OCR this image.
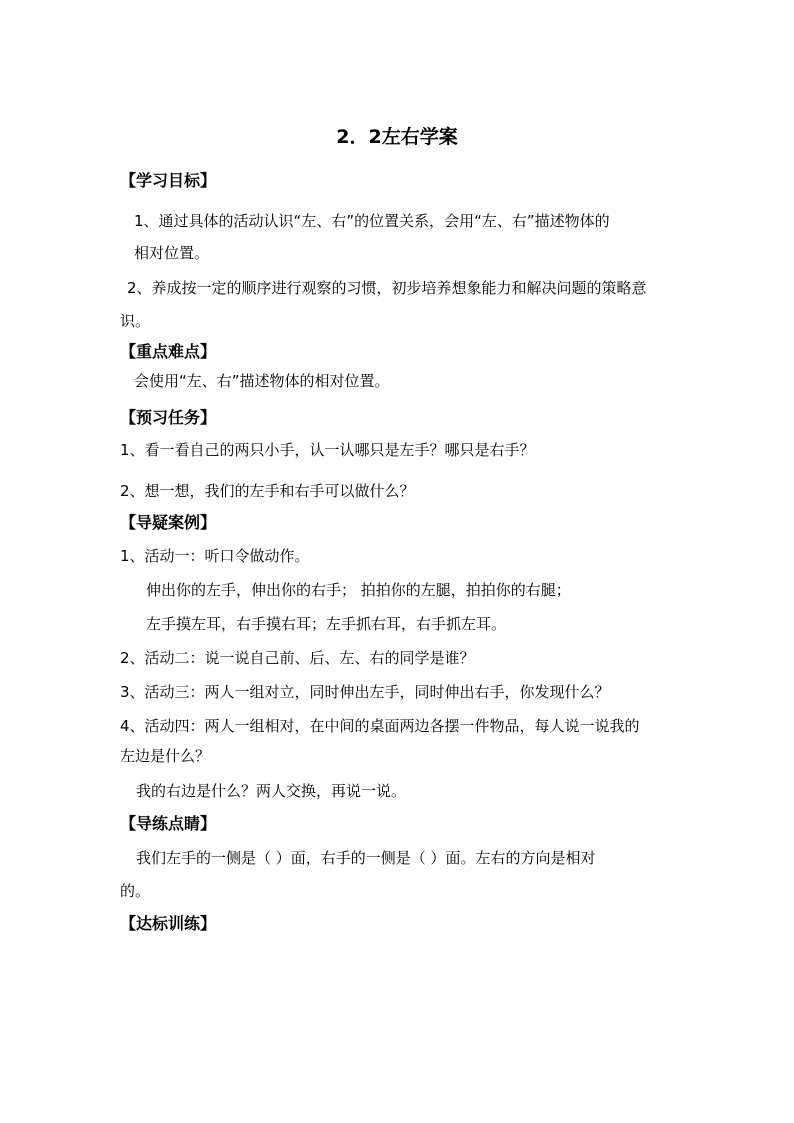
2．2左右学案
【学习目标】
1、通过具体的活动认识“左、右”的位置关系，会用“左、右”描述物体的
相对位置。
2、养成按一定的顺序进行观察的习惯，初步培养想象能力和解决问题的策略意
识。
【重点难点】
会使用“左、右”描述物体的相对位置。
【预习任务】
1、看一看自己的两只小手，认一认哪只是左手？哪只是右手？
2、想一想，我们的左手和右手可以做什么？
【导疑案例】
1、活动一：听口令做动作。
伸出你的左手，伸出你的右手； 拍拍你的左腿，拍拍你的右腿；
左手摸左耳，右手摸右耳；左手抓右耳，右手抓左耳。
2、活动二：说一说自己前、后、左、右的同学是谁？
3、活动三：两人一组对立，同时伸出左手，同时伸出右手，你发现什么？
4、活动四：两人一组相对，在中间的桌面两边各摆一件物品，每人说一说我的
左边是什么？
我的右边是什么？两人交换，再说一说。
【导练点睛】
我们左手的一侧是（ ）面，右手的一侧是（ ）面。左右的方向是相对
的。
【达标训练】
